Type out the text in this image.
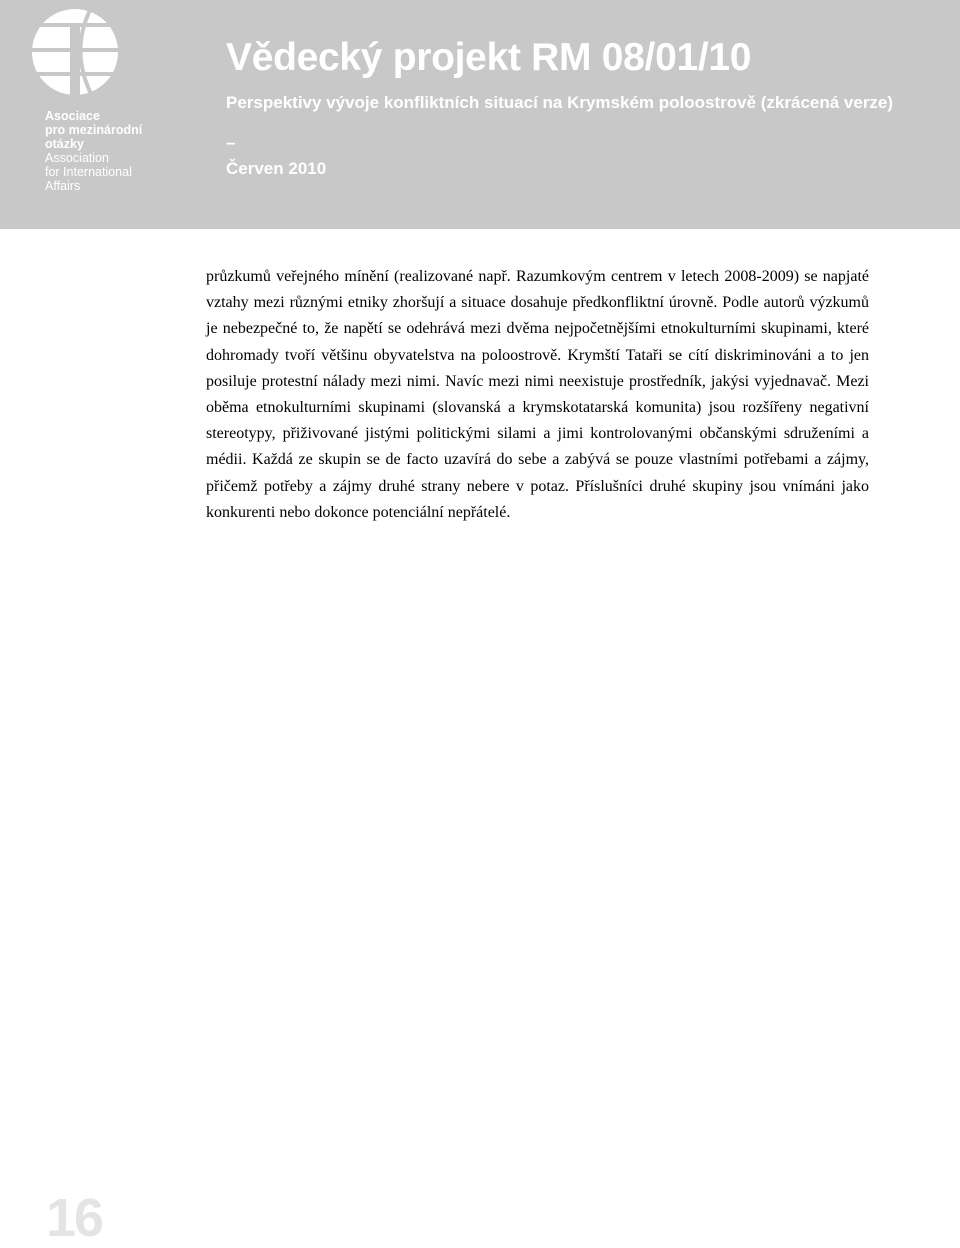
Asociace
pro mezinárodní
otázky
Association
for International
Affairs
Vědecký projekt RM 08/01/10
Perspektivy vývoje konfliktních situací na Krymském poloostrově (zkrácená verze)
–
Červen 2010

průzkumů veřejného mínění (realizované např. Razumkovým centrem v letech 2008-2009) se napjaté vztahy mezi různými etniky zhoršují a situace dosahuje předkonfliktní úrovně. Podle autorů výzkumů je nebezpečné to, že napětí se odehrává mezi dvěma nejpočetnějšími etnokulturními skupinami, které dohromady tvoří většinu obyvatelstva na poloostrově. Krymští Tataři se cítí diskriminováni a to jen posiluje protestní nálady mezi nimi. Navíc mezi nimi neexistuje prostředník, jakýsi vyjednavač. Mezi oběma etnokulturními skupinami (slovanská a krymskotatarská komunita) jsou rozšířeny negativní stereotypy, přiživované jistými politickými silami a jimi kontrolovanými občanskými sdruženími a médii. Každá ze skupin se de facto uzavírá do sebe a zabývá se pouze vlastními potřebami a zájmy, přičemž potřeby a zájmy druhé strany nebere v potaz. Příslušníci druhé skupiny jsou vnímáni jako konkurenti nebo dokonce potenciální nepřátelé.

16
